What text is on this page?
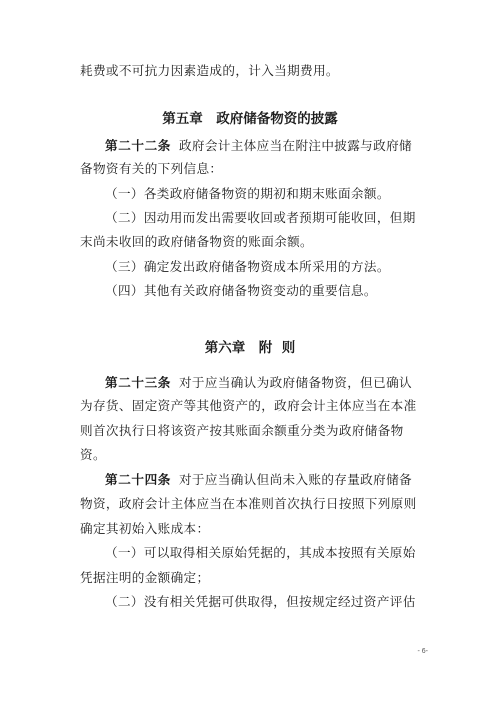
耗费或不可抗力因素造成的，计入当期费用。
第五章　政府储备物资的披露
第二十二条 政府会计主体应当在附注中披露与政府储
备物资有关的下列信息：
（一）各类政府储备物资的期初和期末账面余额。
（二）因动用而发出需要收回或者预期可能收回，但期
末尚未收回的政府储备物资的账面余额。
（三）确定发出政府储备物资成本所采用的方法。
（四）其他有关政府储备物资变动的重要信息。
第六章　附  则
第二十三条 对于应当确认为政府储备物资，但已确认
为存货、固定资产等其他资产的，政府会计主体应当在本准
则首次执行日将该资产按其账面余额重分类为政府储备物
资。
第二十四条 对于应当确认但尚未入账的存量政府储备
物资，政府会计主体应当在本准则首次执行日按照下列原则
确定其初始入账成本：
（一）可以取得相关原始凭据的，其成本按照有关原始
凭据注明的金额确定；
（二）没有相关凭据可供取得，但按规定经过资产评估
- 6-
